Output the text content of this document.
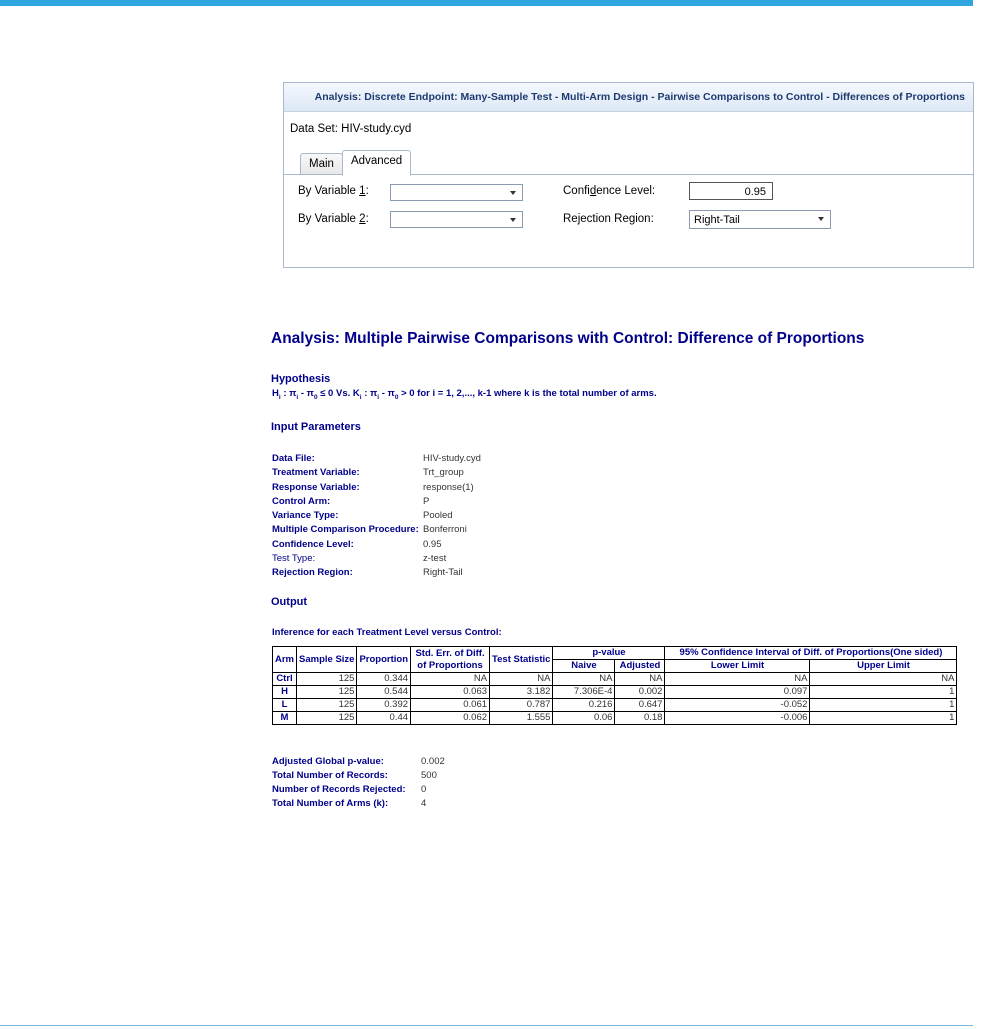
Analysis: Discrete Endpoint: Many-Sample Test - Multi-Arm Design - Pairwise Comparisons to Control - Differences of Proportions
Data Set: HIV-study.cyd
Main	Advanced
By Variable 1:
By Variable 2:
Confidence Level:	0.95
Rejection Region:	Right-Tail
Analysis: Multiple Pairwise Comparisons with Control: Difference of Proportions
Hypothesis
$H_i$ : $\pi_i - \pi_0 \le 0$ Vs. $K_i$ : $\pi_i - \pi_0 > 0$ for i = 1, 2,..., k-1 where k is the total number of arms.
Input Parameters
Data File:	HIV-study.cyd
Treatment Variable:	Trt_group
Response Variable:	response(1)
Control Arm:	P
Variance Type:	Pooled
Multiple Comparison Procedure: Bonferroni
Confidence Level:	0.95
Test Type:	z-test
Rejection Region:	Right-Tail
Output
Inference for each Treatment Level versus Control:
Arm	Sample Size	Proportion	Std. Err. of Diff. of Proportions	Test Statistic	p-value		95% Confidence Interval of Diff. of Proportions(One sided)	
					Naive	Adjusted	Lower Limit	Upper Limit
Ctrl	125	0.344	NA	NA	NA	NA	NA	NA
H	125	0.544	0.063	3.182	7.306E-4	0.002	0.097	1
L	125	0.392	0.061	0.787	0.216	0.647	-0.052	1
M	125	0.44	0.062	1.555	0.06	0.18	-0.006	1
Adjusted Global p-value:	0.002
Total Number of Records:	500
Number of Records Rejected: 0
Total Number of Arms (k):	4
